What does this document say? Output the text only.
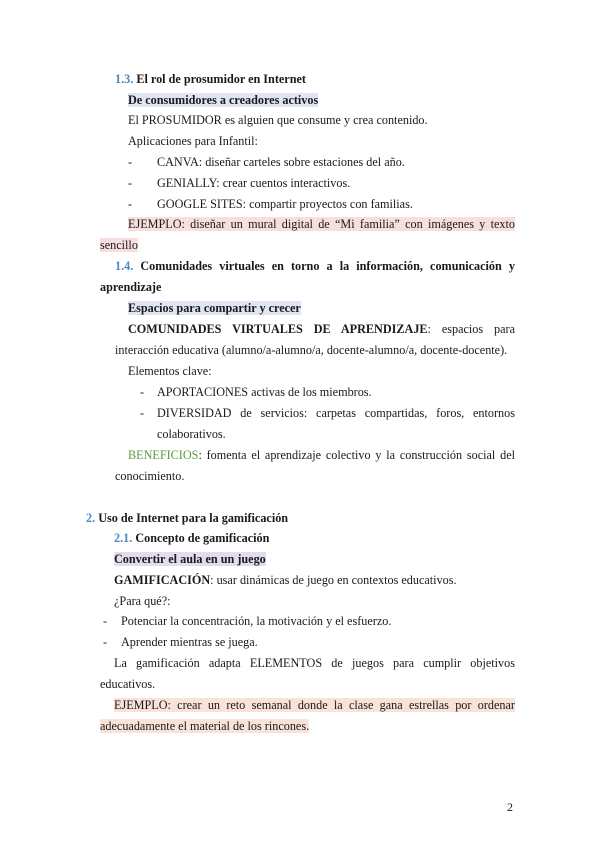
1.3. El rol de prosumidor en Internet
De consumidores a creadores activos
El PROSUMIDOR es alguien que consume y crea contenido.
Aplicaciones para Infantil:
- CANVA: diseñar carteles sobre estaciones del año.
- GENIALLY: crear cuentos interactivos.
- GOOGLE SITES: compartir proyectos con familias.
EJEMPLO: diseñar un mural digital de “Mi familia” con imágenes y texto
sencillo
1.4. Comunidades virtuales en torno a la información, comunicación y
aprendizaje
Espacios para compartir y crecer
COMUNIDADES VIRTUALES DE APRENDIZAJE: espacios para
interacción educativa (alumno/a-alumno/a, docente-alumno/a, docente-docente).
Elementos clave:
- APORTACIONES activas de los miembros.
- DIVERSIDAD de servicios: carpetas compartidas, foros, entornos
colaborativos.
BENEFICIOS: fomenta el aprendizaje colectivo y la construcción social del
conocimiento.
2. Uso de Internet para la gamificación
2.1. Concepto de gamificación
Convertir el aula en un juego
GAMIFICACIÓN: usar dinámicas de juego en contextos educativos.
¿Para qué?:
- Potenciar la concentración, la motivación y el esfuerzo.
- Aprender mientras se juega.
La gamificación adapta ELEMENTOS de juegos para cumplir objetivos
educativos.
EJEMPLO: crear un reto semanal donde la clase gana estrellas por ordenar
adecuadamente el material de los rincones.
2
